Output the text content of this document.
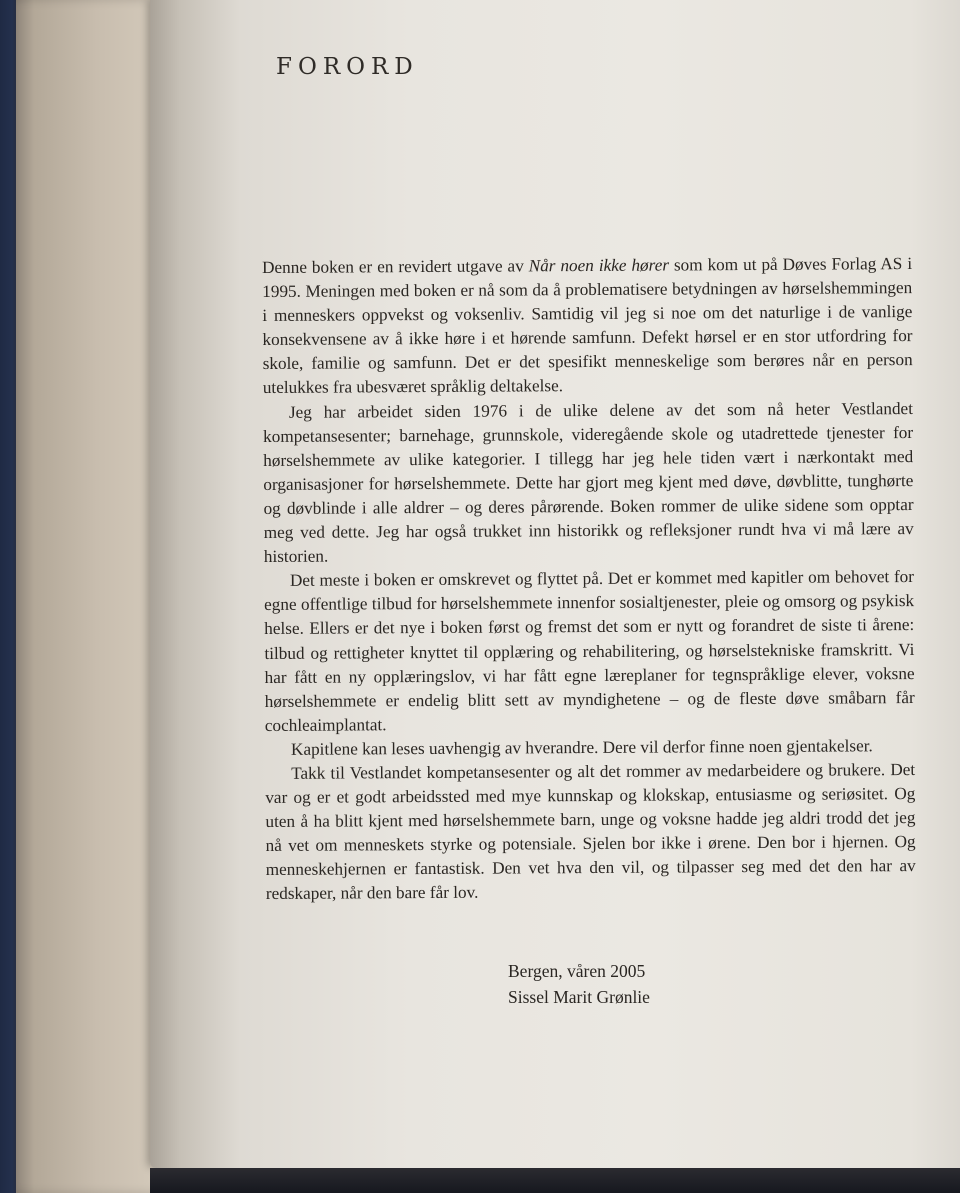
FORORD

Denne boken er en revidert utgave av Når noen ikke hører som kom ut på Døves Forlag AS i 1995. Meningen med boken er nå som da å problematisere betydningen av hørselshemmingen i menneskers oppvekst og voksenliv. Samtidig vil jeg si noe om det naturlige i de vanlige konsekvensene av å ikke høre i et hørende samfunn. Defekt hørsel er en stor utfordring for skole, familie og samfunn. Det er det spesifikt menneskelige som berøres når en person utelukkes fra ubesværet språklig deltakelse.

Jeg har arbeidet siden 1976 i de ulike delene av det som nå heter Vestlandet kompetansesenter; barnehage, grunnskole, videregående skole og utadrettede tjenester for hørselshemmete av ulike kategorier. I tillegg har jeg hele tiden vært i nærkontakt med organisasjoner for hørselshemmete. Dette har gjort meg kjent med døve, døvblitte, tunghørte og døvblinde i alle aldrer – og deres pårørende. Boken rommer de ulike sidene som opptar meg ved dette. Jeg har også trukket inn historikk og refleksjoner rundt hva vi må lære av historien.

Det meste i boken er omskrevet og flyttet på. Det er kommet med kapitler om behovet for egne offentlige tilbud for hørselshemmete innenfor sosialtjenester, pleie og omsorg og psykisk helse. Ellers er det nye i boken først og fremst det som er nytt og forandret de siste ti årene: tilbud og rettigheter knyttet til opplæring og rehabilitering, og hørselstekniske framskritt. Vi har fått en ny opplæringslov, vi har fått egne læreplaner for tegnspråklige elever, voksne hørselshemmete er endelig blitt sett av myndighetene – og de fleste døve småbarn får cochleaimplantat.

Kapitlene kan leses uavhengig av hverandre. Dere vil derfor finne noen gjentakelser.

Takk til Vestlandet kompetansesenter og alt det rommer av medarbeidere og brukere. Det var og er et godt arbeidssted med mye kunnskap og klokskap, entusiasme og seriøsitet. Og uten å ha blitt kjent med hørselshemmete barn, unge og voksne hadde jeg aldri trodd det jeg nå vet om menneskets styrke og potensiale. Sjelen bor ikke i ørene. Den bor i hjernen. Og menneskehjernen er fantastisk. Den vet hva den vil, og tilpasser seg med det den har av redskaper, når den bare får lov.

Bergen, våren 2005
Sissel Marit Grønlie
